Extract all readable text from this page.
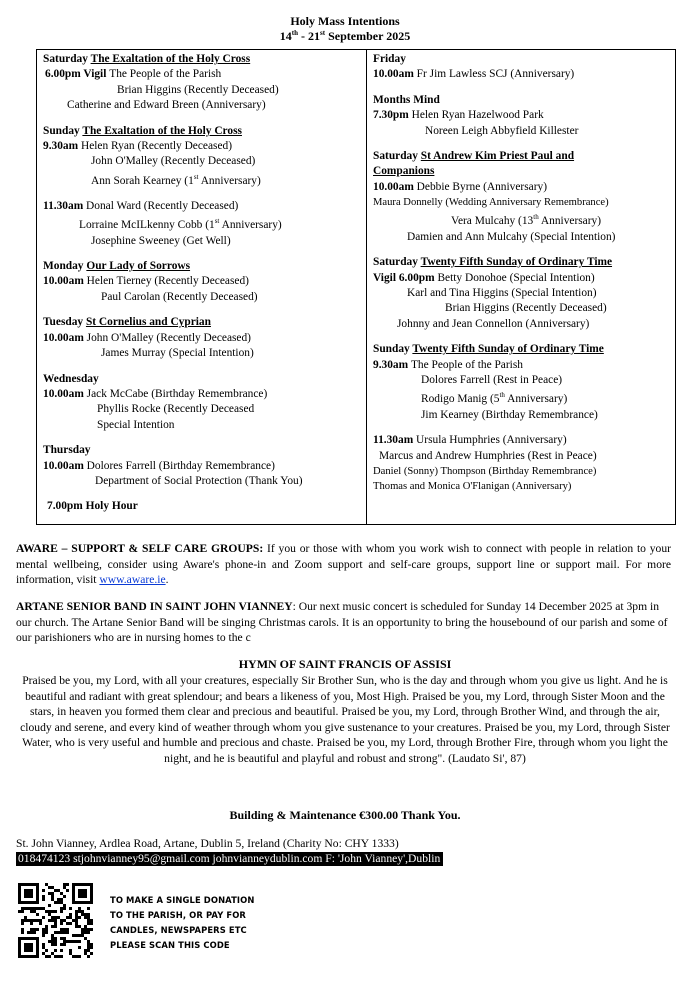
Holy Mass Intentions
14th - 21st September 2025
Saturday The Exaltation of the Holy Cross
6.00pm Vigil The People of the Parish
Brian Higgins (Recently Deceased)
Catherine and Edward Breen (Anniversary)
Sunday The Exaltation of the Holy Cross
9.30am Helen Ryan (Recently Deceased)
John O'Malley (Recently Deceased)
Ann Sorah Kearney (1st Anniversary)
11.30am Donal Ward (Recently Deceased)
Lorraine McILkenny Cobb (1st Anniversary)
Josephine Sweeney (Get Well)
Monday Our Lady of Sorrows
10.00am Helen Tierney (Recently Deceased)
Paul Carolan (Recently Deceased)
Tuesday St Cornelius and Cyprian
10.00am John O'Malley (Recently Deceased)
James Murray (Special Intention)
Wednesday
10.00am Jack McCabe (Birthday Remembrance)
Phyllis Rocke (Recently Deceased
Special Intention
Thursday
10.00am Dolores Farrell (Birthday Remembrance)
Department of Social Protection (Thank You)
7.00pm Holy Hour
Friday
10.00am Fr Jim Lawless SCJ (Anniversary)
Months Mind
7.30pm Helen Ryan Hazelwood Park
Noreen Leigh Abbyfield Killester
Saturday St Andrew Kim Priest Paul and
Companions
10.00am Debbie Byrne (Anniversary)
Maura Donnelly (Wedding Anniversary Remembrance)
Vera Mulcahy (13th Anniversary)
Damien and Ann Mulcahy (Special Intention)
Saturday Twenty Fifth Sunday of Ordinary Time
Vigil 6.00pm Betty Donohoe (Special Intention)
Karl and Tina Higgins (Special Intention)
Brian Higgins (Recently Deceased)
Johnny and Jean Connellon (Anniversary)
Sunday Twenty Fifth Sunday of Ordinary Time
9.30am The People of the Parish
Dolores Farrell (Rest in Peace)
Rodigo Manig (5th Anniversary)
Jim Kearney (Birthday Remembrance)
11.30am Ursula Humphries (Anniversary)
Marcus and Andrew Humphries (Rest in Peace)
Daniel (Sonny) Thompson (Birthday Remembrance)
Thomas and Monica O'Flanigan (Anniversary)
AWARE – SUPPORT & SELF CARE GROUPS: If you or those with whom you work wish to connect with people in relation to your mental wellbeing, consider using Aware's phone-in and Zoom support and self-care groups, support line or support mail. For more information, visit www.aware.ie.
ARTANE SENIOR BAND IN SAINT JOHN VIANNEY: Our next music concert is scheduled for Sunday 14 December 2025 at 3pm in our church. The Artane Senior Band will be singing Christmas carols. It is an opportunity to bring the housebound of our parish and some of our parishioners who are in nursing homes to the c
HYMN OF SAINT FRANCIS OF ASSISI
Praised be you, my Lord, with all your creatures, especially Sir Brother Sun, who is the day and through whom you give us light. And he is beautiful and radiant with great splendour; and bears a likeness of you, Most High. Praised be you, my Lord, through Sister Moon and the stars, in heaven you formed them clear and precious and beautiful. Praised be you, my Lord, through Brother Wind, and through the air, cloudy and serene, and every kind of weather through whom you give sustenance to your creatures. Praised be you, my Lord, through Sister Water, who is very useful and humble and precious and chaste. Praised be you, my Lord, through Brother Fire, through whom you light the night, and he is beautiful and playful and robust and strong". (Laudato Si', 87)
Building & Maintenance €300.00 Thank You.
St. John Vianney, Ardlea Road, Artane, Dublin 5, Ireland (Charity No: CHY 1333)
018474123 stjohnvianney95@gmail.com johnvianneydublin.com F: 'John Vianney',Dublin
TO MAKE A SINGLE DONATION
TO THE PARISH, OR PAY FOR
CANDLES, NEWSPAPERS ETC
PLEASE SCAN THIS CODE
